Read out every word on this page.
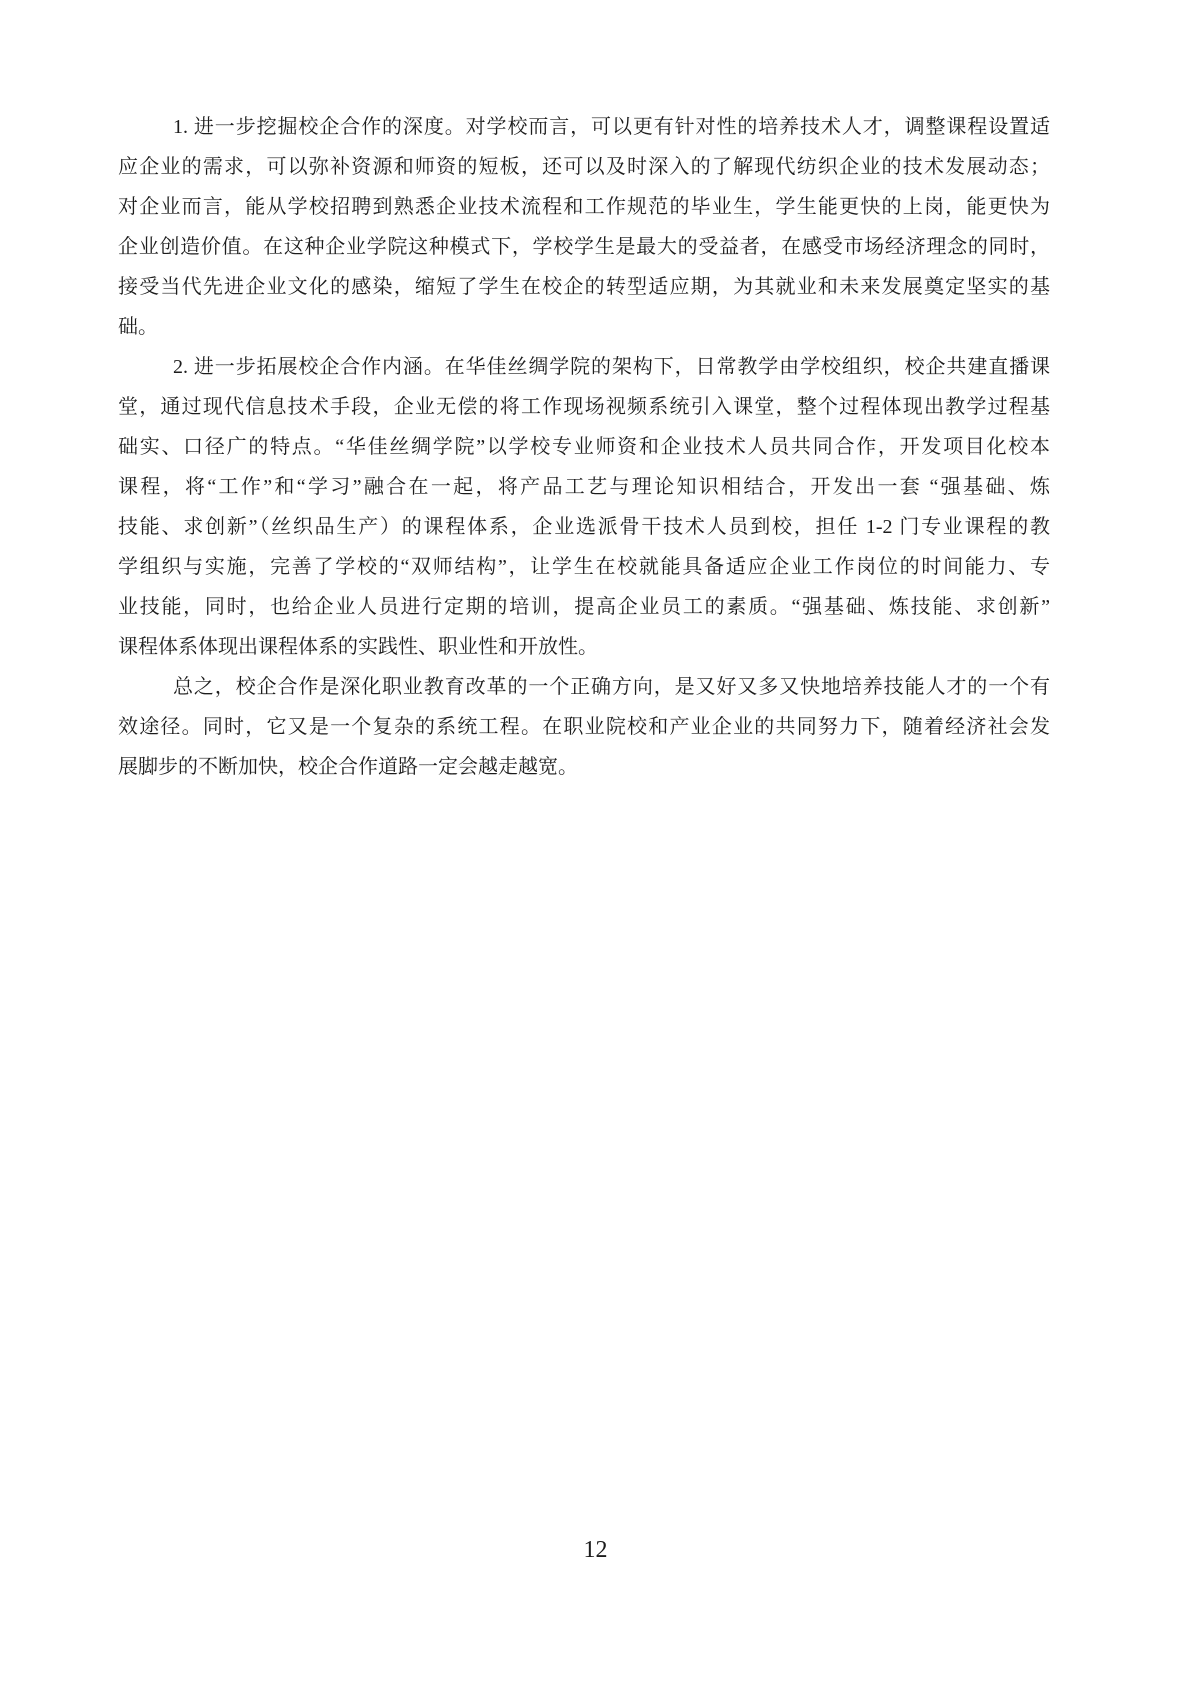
1. 进一步挖掘校企合作的深度。对学校而言，可以更有针对性的培养技术人才，调整课程设置适
应企业的需求，可以弥补资源和师资的短板，还可以及时深入的了解现代纺织企业的技术发展动态；
对企业而言，能从学校招聘到熟悉企业技术流程和工作规范的毕业生，学生能更快的上岗，能更快为
企业创造价值。在这种企业学院这种模式下，学校学生是最大的受益者，在感受市场经济理念的同时，
接受当代先进企业文化的感染，缩短了学生在校企的转型适应期，为其就业和未来发展奠定坚实的基
础。
2. 进一步拓展校企合作内涵。在华佳丝绸学院的架构下，日常教学由学校组织，校企共建直播课
堂，通过现代信息技术手段，企业无偿的将工作现场视频系统引入课堂，整个过程体现出教学过程基
础实、口径广的特点。“华佳丝绸学院”以学校专业师资和企业技术人员共同合作，开发项目化校本
课程，将“工作”和“学习”融合在一起，将产品工艺与理论知识相结合，开发出一套 “强基础、炼
技能、求创新”（丝织品生产）的课程体系，企业选派骨干技术人员到校，担任 1-2 门专业课程的教
学组织与实施，完善了学校的“双师结构”，让学生在校就能具备适应企业工作岗位的时间能力、专
业技能，同时，也给企业人员进行定期的培训，提高企业员工的素质。“强基础、炼技能、求创新”
课程体系体现出课程体系的实践性、职业性和开放性。
总之，校企合作是深化职业教育改革的一个正确方向，是又好又多又快地培养技能人才的一个有
效途径。同时，它又是一个复杂的系统工程。在职业院校和产业企业的共同努力下，随着经济社会发
展脚步的不断加快，校企合作道路一定会越走越宽。
12
